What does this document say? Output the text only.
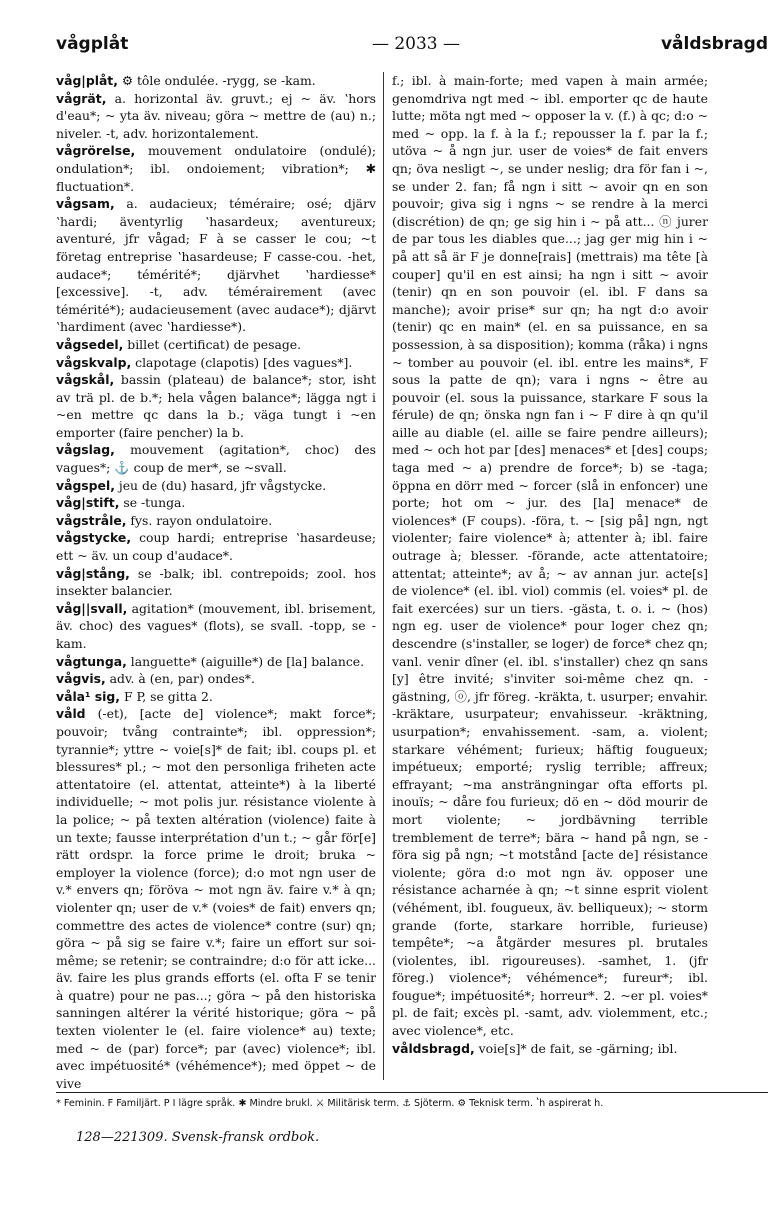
vågplåt	— 2033 —	våldsbragd

våg|plåt, ⚙ tôle ondulée. -rygg, se -kam.

vågrät, a. horizontal äv. gruvt.; ej ~ äv. ʽhors d'eau*; ~ yta äv. niveau; göra ~ mettre de (au) n.; niveler. -t, adv. horizontalement.

vågrörelse, mouvement ondulatoire (ondulé); ondulation*; ibl. ondoiement; vibration*; ✱ fluctuation*.

vågsam, a. audacieux; téméraire; osé; djärv ʽhardi; äventyrlig ʽhasardeux; aventureux; aventuré, jfr vågad; F à se casser le cou; ~t företag entreprise ʽhasardeuse; F casse-cou. -het, audace*; témérité*; djärvhet ʽhardiesse* [excessive]. -t, adv. témérairement (avec témérité*); audacieusement (avec audace*); djärvt ʽhardiment (avec ʽhardiesse*).

vågsedel, billet (certificat) de pesage.

vågskvalp, clapotage (clapotis) [des vagues*].

vågskål, bassin (plateau) de balance*; stor, isht av trä pl. de b.*; hela vågen balance*; lägga ngt i ~en mettre qc dans la b.; väga tungt i ~en emporter (faire pencher) la b.

vågslag, mouvement (agitation*, choc) des vagues*; ⚓ coup de mer*, se ~svall.

vågspel, jeu de (du) hasard, jfr vågstycke.

våg|stift, se -tunga.

vågstråle, fys. rayon ondulatoire.

vågstycke, coup hardi; entreprise ʽhasardeuse; ett ~ äv. un coup d'audace*.

våg|stång, se -balk; ibl. contrepoids; zool. hos insekter balancier.

våg||svall, agitation* (mouvement, ibl. brisement, äv. choc) des vagues* (flots), se svall. -topp, se -kam.

vågtunga, languette* (aiguille*) de [la] balance.

vågvis, adv. à (en, par) ondes*.

våla¹ sig, F P, se gitta 2.

våld (-et), [acte de] violence*; makt force*; pouvoir; tvång contrainte*; ibl. oppression*; tyrannie*; yttre ~ voie[s]* de fait; ibl. coups pl. et blessures* pl.; ~ mot den personliga friheten acte attentatoire (el. attentat, atteinte*) à la liberté individuelle; ~ mot polis jur. résistance violente à la police; ~ på texten altération (violence) faite à un texte; fausse interprétation d'un t.; ~ går för[e] rätt ordspr. la force prime le droit; bruka ~ employer la violence (force); d:o mot ngn user de v.* envers qn; föröva ~ mot ngn äv. faire v.* à qn; violenter qn; user de v.* (voies* de fait) envers qn; commettre des actes de violence* contre (sur) qn; göra ~ på sig se faire v.*; faire un effort sur soi-même; se retenir; se contraindre; d:o för att icke... äv. faire les plus grands efforts (el. ofta F se tenir à quatre) pour ne pas...; göra ~ på den historiska sanningen altérer la vérité historique; göra ~ på texten violenter le (el. faire violence* au) texte; med ~ de (par) force*; par (avec) violence*; ibl. avec impétuosité* (véhémence*); med öppet ~ de vive

f.; ibl. à main-forte; med vapen à main armée; genomdriva ngt med ~ ibl. emporter qc de haute lutte; möta ngt med ~ opposer la v. (f.) à qc; d:o ~ med ~ opp. la f. à la f.; repousser la f. par la f.; utöva ~ å ngn jur. user de voies* de fait envers qn; öva nesligt ~, se under neslig; dra för fan i ~, se under 2. fan; få ngn i sitt ~ avoir qn en son pouvoir; giva sig i ngns ~ se rendre à la merci (discrétion) de qn; ge sig hin i ~ på att... ⓝ jurer de par tous les diables que...; jag ger mig hin i ~ på att så är F je donne[rais] (mettrais) ma tête [à couper] qu'il en est ainsi; ha ngn i sitt ~ avoir (tenir) qn en son pouvoir (el. ibl. F dans sa manche); avoir prise* sur qn; ha ngt d:o avoir (tenir) qc en main* (el. en sa puissance, en sa possession, à sa disposition); komma (råka) i ngns ~ tomber au pouvoir (el. ibl. entre les mains*, F sous la patte de qn); vara i ngns ~ être au pouvoir (el. sous la puissance, starkare F sous la férule) de qn; önska ngn fan i ~ F dire à qn qu'il aille au diable (el. aille se faire pendre ailleurs); med ~ och hot par [des] menaces* et [des] coups; taga med ~ a) prendre de force*; b) se -taga; öppna en dörr med ~ forcer (slå in enfoncer) une porte; hot om ~ jur. des [la] menace* de violences* (F coups). -föra, t. ~ [sig på] ngn, ngt violenter; faire violence* à; attenter à; ibl. faire outrage à; blesser. -förande, acte attentatoire; attentat; atteinte*; av å; ~ av annan jur. acte[s] de violence* (el. ibl. viol) commis (el. voies* pl. de fait exercées) sur un tiers. -gästa, t. o. i. ~ (hos) ngn eg. user de violence* pour loger chez qn; descendre (s'installer, se loger) de force* chez qn; vanl. venir dîner (el. ibl. s'installer) chez qn sans [y] être invité; s'inviter soi-même chez qn. -gästning, ⓞ, jfr föreg. -kräkta, t. usurper; envahir. -kräktare, usurpateur; envahisseur. -kräktning, usurpation*; envahissement. -sam, a. violent; starkare véhément; furieux; häftig fougueux; impétueux; emporté; ryslig terrible; affreux; effrayant; ~ma ansträngningar ofta efforts pl. inouïs; ~ dåre fou furieux; dö en ~ död mourir de mort violente; ~ jordbävning terrible tremblement de terre*; bära ~ hand på ngn, se -föra sig på ngn; ~t motstånd [acte de] résistance violente; göra d:o mot ngn äv. opposer une résistance acharnée à qn; ~t sinne esprit violent (véhément, ibl. fougueux, äv. belliqueux); ~ storm grande (forte, starkare horrible, furieuse) tempête*; ~a åtgärder mesures pl. brutales (violentes, ibl. rigoureuses). -samhet, 1. (jfr föreg.) violence*; véhémence*; fureur*; ibl. fougue*; impétuosité*; horreur*. 2. ~er pl. voies* pl. de fait; excès pl. -samt, adv. violemment, etc.; avec violence*, etc.

våldsbragd, voie[s]* de fait, se -gärning; ibl.

* Feminin. F Familjärt. P I lägre språk. ✱ Mindre brukl. ⚔ Militärisk term. ⚓ Sjöterm. ⚙ Teknisk term. ʽh aspirerat h.
128—221309. Svensk-fransk ordbok.
